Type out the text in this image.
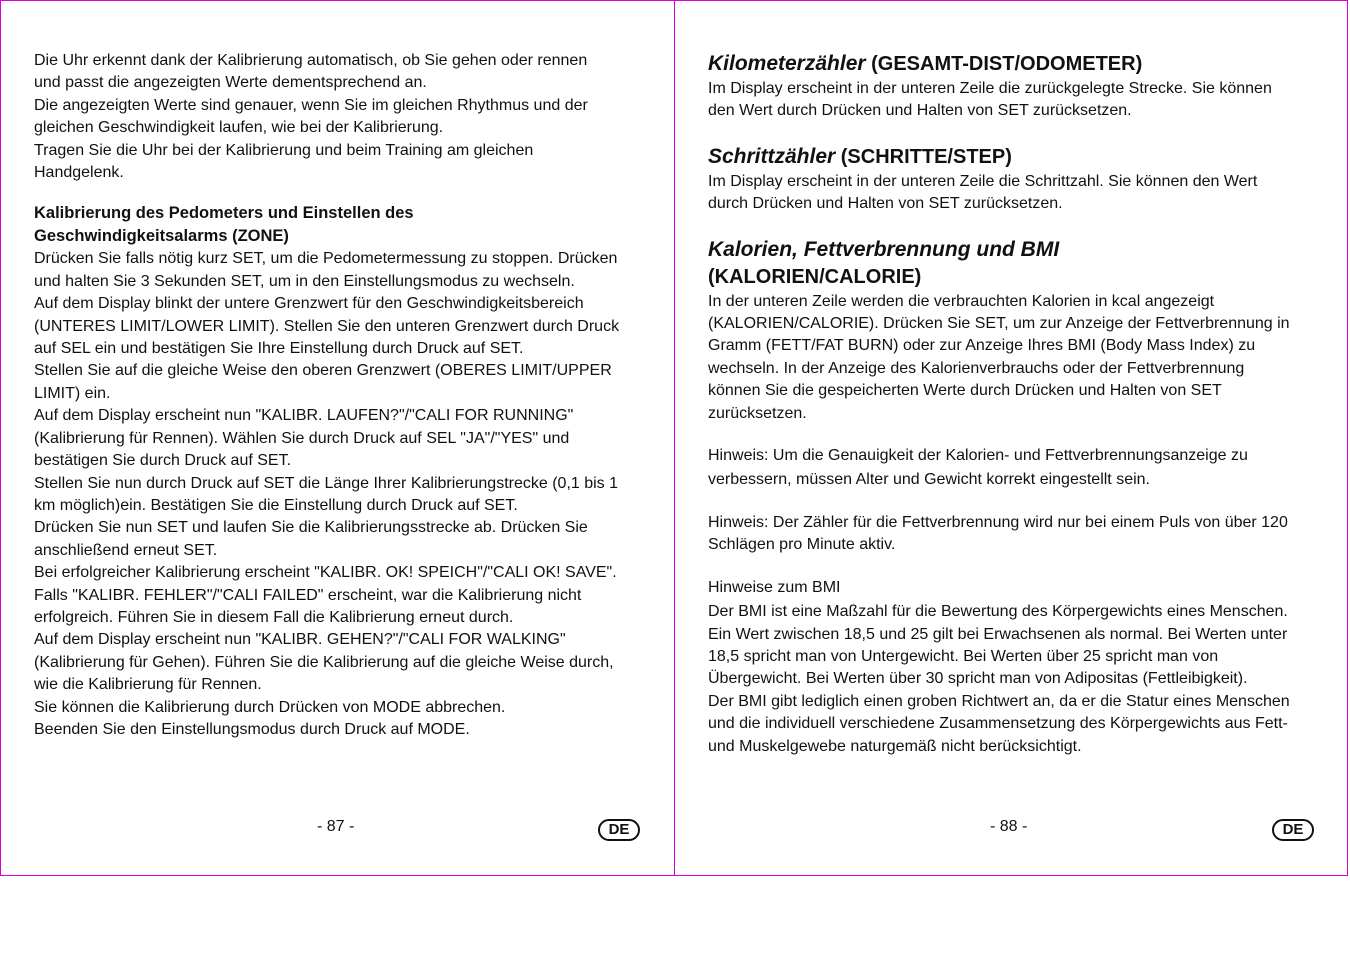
Die Uhr erkennt dank der Kalibrierung automatisch, ob Sie gehen oder rennen

und passt die angezeigten Werte dementsprechend an.

Die angezeigten Werte sind genauer, wenn Sie im gleichen Rhythmus und der

gleichen Geschwindigkeit laufen, wie bei der Kalibrierung.

Tragen Sie die Uhr bei der Kalibrierung und beim Training am gleichen

Handgelenk.

Kalibrierung des Pedometers und Einstellen des

Geschwindigkeitsalarms (ZONE)

Drücken Sie falls nötig kurz SET, um die Pedometermessung zu stoppen. Drücken

und halten Sie 3 Sekunden SET, um in den Einstellungsmodus zu wechseln.

Auf dem Display blinkt der untere Grenzwert für den Geschwindigkeitsbereich

(UNTERES LIMIT/LOWER LIMIT). Stellen Sie den unteren Grenzwert durch Druck

auf SEL ein und bestätigen Sie Ihre Einstellung durch Druck auf SET.

Stellen Sie auf die gleiche Weise den oberen Grenzwert (OBERES LIMIT/UPPER

LIMIT) ein.

Auf dem Display erscheint nun "KALIBR. LAUFEN?"/"CALI FOR RUNNING"

(Kalibrierung für Rennen). Wählen Sie durch Druck auf SEL "JA"/"YES" und

bestätigen Sie durch Druck auf SET.

Stellen Sie nun durch Druck auf SET die Länge Ihrer Kalibrierungstrecke (0,1 bis 1

km möglich)ein. Bestätigen Sie die Einstellung durch Druck auf SET.

Drücken Sie nun SET und laufen Sie die Kalibrierungsstrecke ab. Drücken Sie

anschließend erneut SET.

Bei erfolgreicher Kalibrierung erscheint "KALIBR. OK! SPEICH"/"CALI OK! SAVE".

Falls "KALIBR. FEHLER"/"CALI FAILED" erscheint, war die Kalibrierung nicht

erfolgreich. Führen Sie in diesem Fall die Kalibrierung erneut durch.

Auf dem Display erscheint nun "KALIBR. GEHEN?"/"CALI FOR WALKING"

(Kalibrierung für Gehen). Führen Sie die Kalibrierung auf die gleiche Weise durch,

wie die Kalibrierung für Rennen.

Sie können die Kalibrierung durch Drücken von MODE abbrechen.

Beenden Sie den Einstellungsmodus durch Druck auf MODE.

- 87 -	DE
Kilometerzähler (GESAMT-DIST/ODOMETER)

Im Display erscheint in der unteren Zeile die zurückgelegte Strecke. Sie können

den Wert durch Drücken und Halten von SET zurücksetzen.

Schrittzähler (SCHRITTE/STEP)

Im Display erscheint in der unteren Zeile die Schrittzahl. Sie können den Wert

durch Drücken und Halten von SET zurücksetzen.

Kalorien, Fettverbrennung und BMI
(KALORIEN/CALORIE)

In der unteren Zeile werden die verbrauchten Kalorien in kcal angezeigt

(KALORIEN/CALORIE). Drücken Sie SET, um zur Anzeige der Fettverbrennung in

Gramm (FETT/FAT BURN) oder zur Anzeige Ihres BMI (Body Mass Index) zu

wechseln. In der Anzeige des Kalorienverbrauchs oder der Fettverbrennung

können Sie die gespeicherten Werte durch Drücken und Halten von SET

zurücksetzen.

Hinweis: Um die Genauigkeit der Kalorien- und Fettverbrennungsanzeige zu

verbessern, müssen Alter und Gewicht korrekt eingestellt sein.

Hinweis: Der Zähler für die Fettverbrennung wird nur bei einem Puls von über 120

Schlägen pro Minute aktiv.

Hinweise zum BMI

Der BMI ist eine Maßzahl für die Bewertung des Körpergewichts eines Menschen.

Ein Wert zwischen 18,5 und 25 gilt bei Erwachsenen als normal. Bei Werten unter

18,5 spricht man von Untergewicht. Bei Werten über 25 spricht man von

Übergewicht. Bei Werten über 30 spricht man von Adipositas (Fettleibigkeit).

Der BMI gibt lediglich einen groben Richtwert an, da er die Statur eines Menschen

und die individuell verschiedene Zusammensetzung des Körpergewichts aus Fett-

und Muskelgewebe naturgemäß nicht berücksichtigt.

- 88 -	DE
